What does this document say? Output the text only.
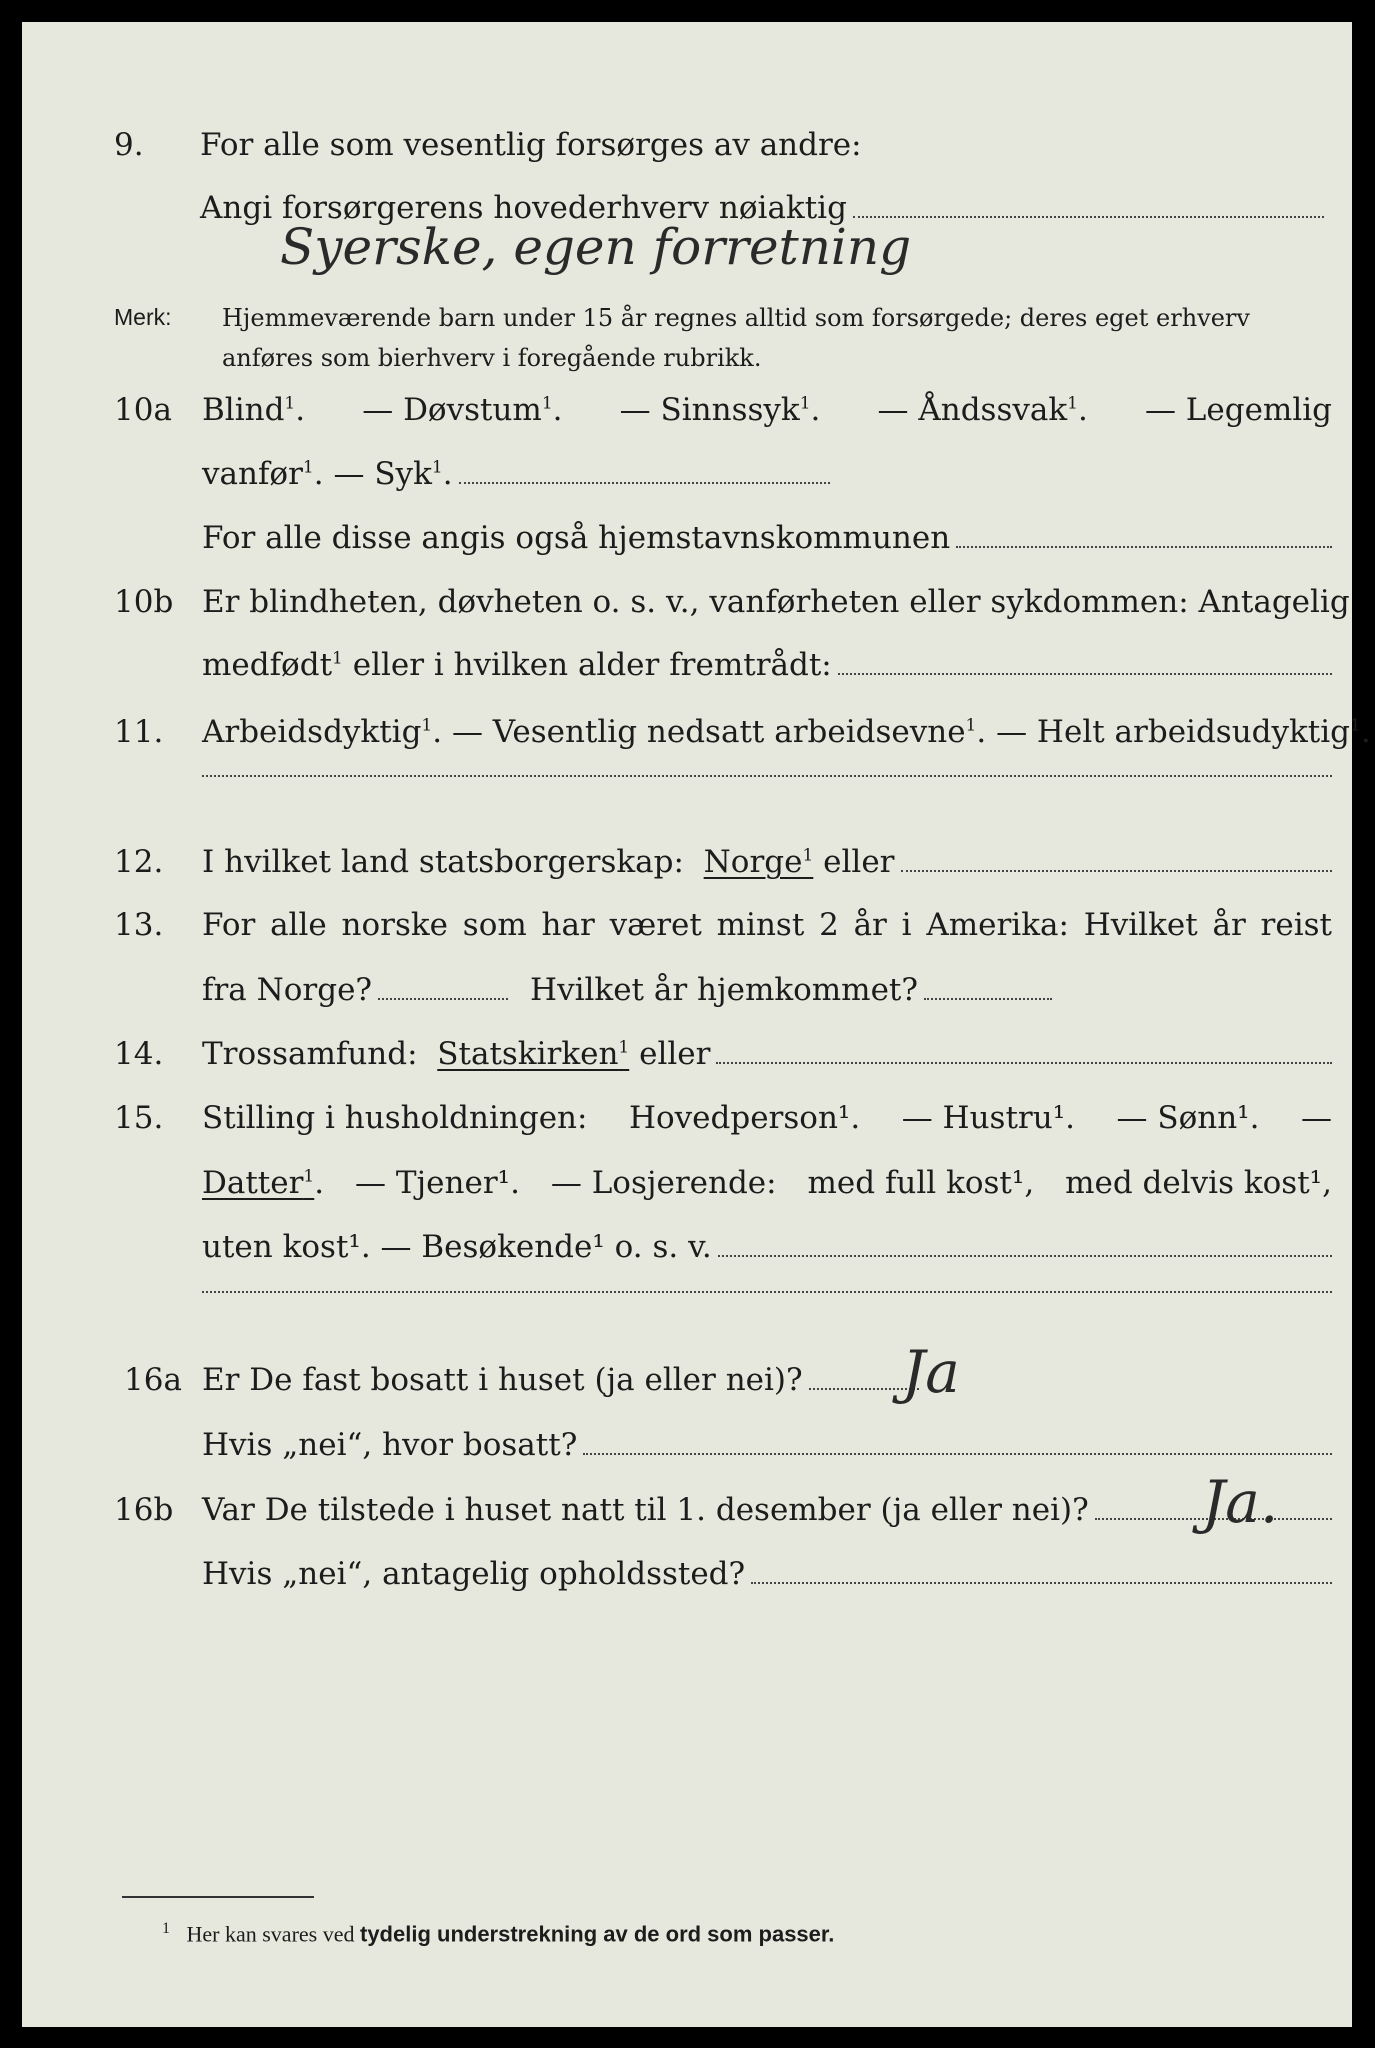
9.	For alle som vesentlig forsørges av andre:
Angi forsørgerens hovederhverv nøiaktig
Syerske, egen forretning
Merk: Hjemmeværende barn under 15 år regnes alltid som forsørgede; deres eget erhverv
anføres som bierhverv i foregående rubrikk.
10a Blind$^1$. — Døvstum$^1$. — Sinnssyk$^1$. — Åndssvak$^1$. — Legemlig
vanfør$^1$. — Syk$^1$.
For alle disse angis også hjemstavnskommunen
10b Er blindheten, døvheten o. s. v., vanførheten eller sykdommen: Antagelig
medfødt$^1$ eller i hvilken alder fremtrådt:
11.	Arbeidsdyktig$^1$ . — Vesentlig nedsatt arbeidsevne$^1$ . — Helt arbeidsudyktig$^1$.
12.	I hvilket land statsborgerskap:
Norge$^1$
eller
13.	For alle norske som har været minst 2 år i Amerika: Hvilket år reist
fra Norge?	Hvilket år hjemkommet?
14.	Trossamfund:
Statskirken$^1$
eller
15.	Stilling i husholdningen: Hovedperson¹. — Hustru¹. — Sønn¹. —
Datter$^1$. — Tjener¹. — Losjerende: med full kost¹, med delvis kost¹,
uten kost¹. — Besøkende¹ o. s. v.
16a Er De fast bosatt i huset (ja eller nei)? Ja
Hvis „nei“, hvor bosatt?
16b Var De tilstede i huset natt til 1. desember (ja eller nei)? Ja.
Hvis „nei“, antagelig opholdssted?
$^1$ Her kan svares ved tydelig understrekning av de ord som passer.
